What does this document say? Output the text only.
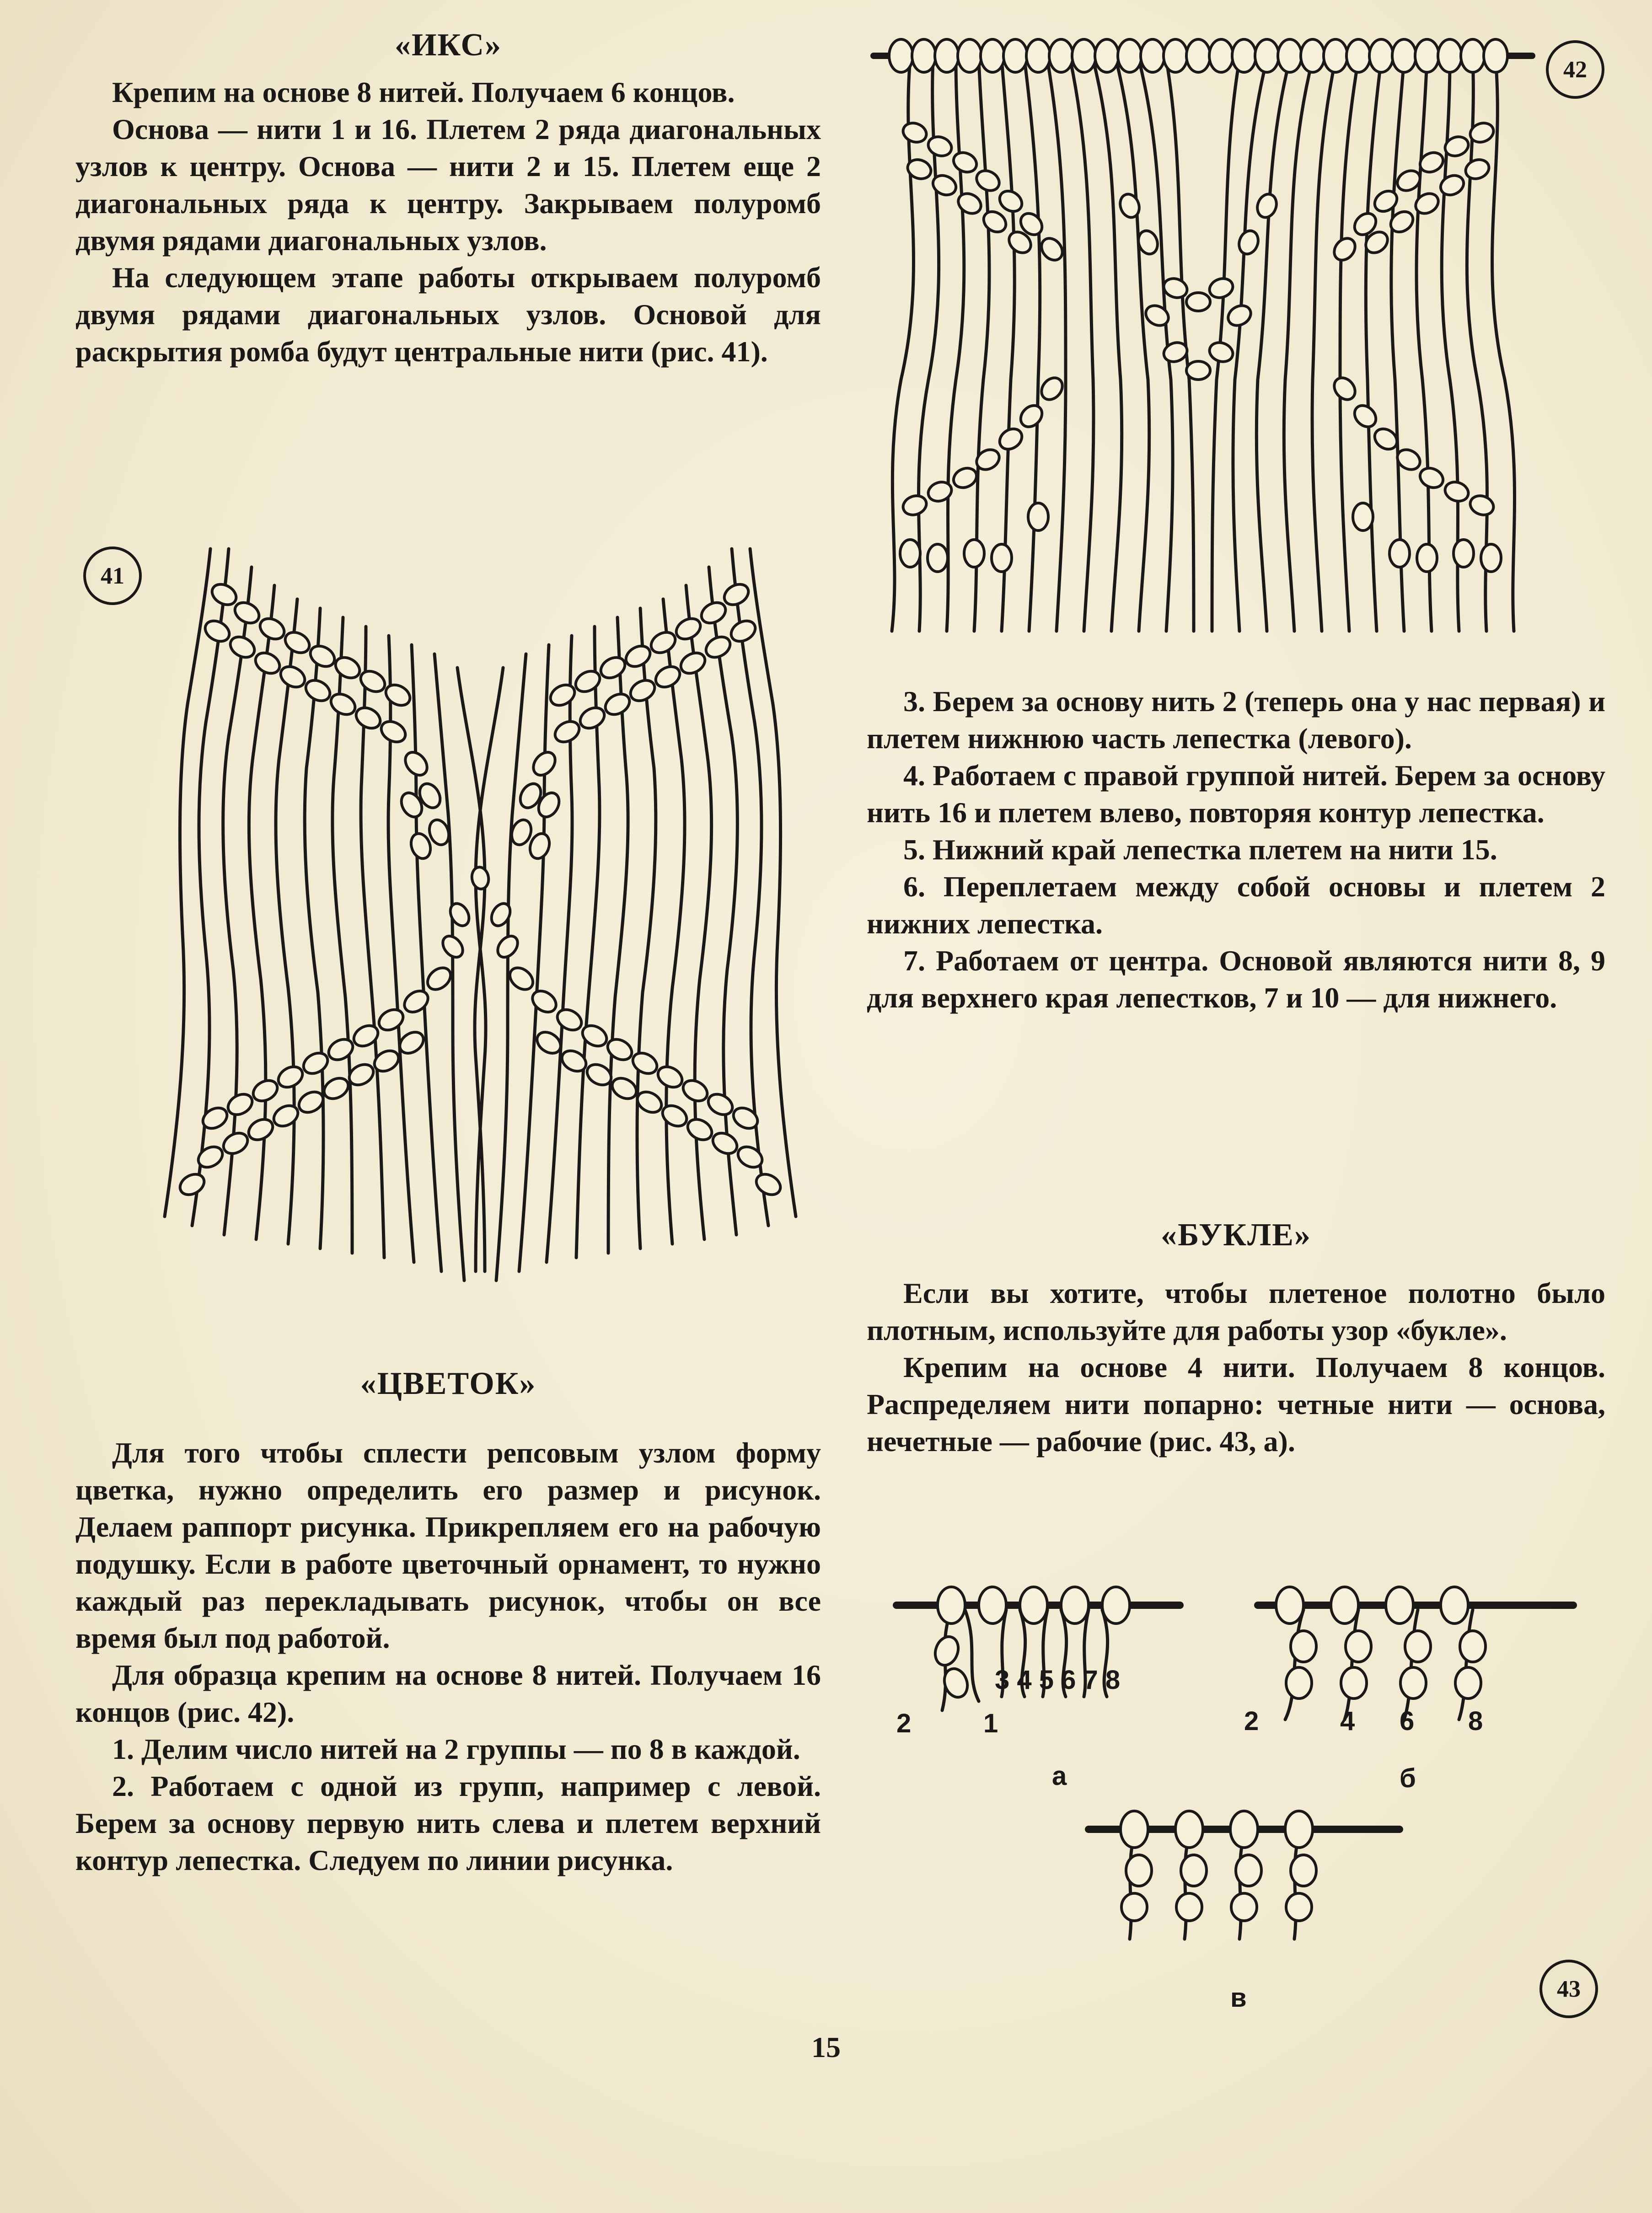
«ИКС»

Крепим на основе 8 нитей. Получаем 6 концов.

Основа — нити 1 и 16. Плетем 2 ряда диагональных узлов к центру. Основа — нити 2 и 15. Плетем еще 2 диагональных ряда к центру. Закрываем полуромб двумя рядами диагональных узлов.

На следующем этапе работы открываем полуромб двумя рядами диагональных узлов. Основой для раскрытия ромба будут центральные нити (рис. 41).

41
«ЦВЕТОК»

Для того чтобы сплести репсовым узлом форму цветка, нужно определить его размер и рисунок. Делаем раппорт рисунка. Прикрепляем его на рабочую подушку. Если в работе цветочный орнамент, то нужно каждый раз перекладывать рисунок, чтобы он все время был под работой.

Для образца крепим на основе 8 нитей. Получаем 16 концов (рис. 42).

1. Делим число нитей на 2 группы — по 8 в каждой.

2. Работаем с одной из групп, например с левой. Берем за основу первую нить слева и плетем верхний контур лепестка. Следуем по линии рисунка.

42

3. Берем за основу нить 2 (теперь она у нас первая) и плетем нижнюю часть лепестка (левого).

4. Работаем с правой группой нитей. Берем за основу нить 16 и плетем влево, повторяя контур лепестка.

5. Нижний край лепестка плетем на нити 15.

6. Переплетаем между собой основы и плетем 2 нижних лепестка.

7. Работаем от центра. Основой являются нити 8, 9 для верхнего края лепестков, 7 и 10 — для нижнего.

«БУКЛЕ»

Если вы хотите, чтобы плетеное полотно было плотным, используйте для работы узор «букле».

Крепим на основе 4 нити. Получаем 8 концов. Распределяем нити попарно: четные нити — основа, нечетные — рабочие (рис. 43, а).

3 4 5 6 7 8
2	1
а
2	4 6 8
б
в	43
15
